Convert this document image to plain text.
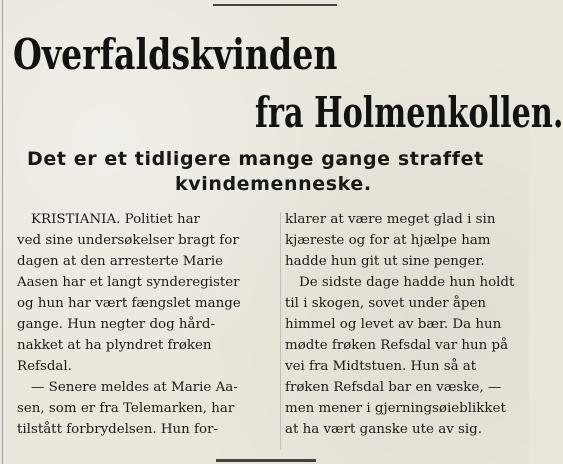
Overfaldskvinden
fra Holmenkollen.
Det er et tidligere mange gange straffet
kvindemenneske.
KRISTIANIA. Politiet har
ved sine undersøkelser bragt for
dagen at den arresterte Marie
Aasen har et langt synderegister
og hun har vært fængslet mange
gange. Hun negter dog hård-
nakket at ha plyndret frøken
Refsdal.
— Senere meldes at Marie Aa-
sen, som er fra Telemarken, har
tilstått forbrydelsen. Hun for-
klarer at være meget glad i sin
kjæreste og for at hjælpe ham
hadde hun git ut sine penger.
De sidste dage hadde hun holdt
til i skogen, sovet under åpen
himmel og levet av bær. Da hun
mødte frøken Refsdal var hun på
vei fra Midtstuen. Hun så at
frøken Refsdal bar en væske, —
men mener i gjerningsøieblikket
at ha vært ganske ute av sig.
